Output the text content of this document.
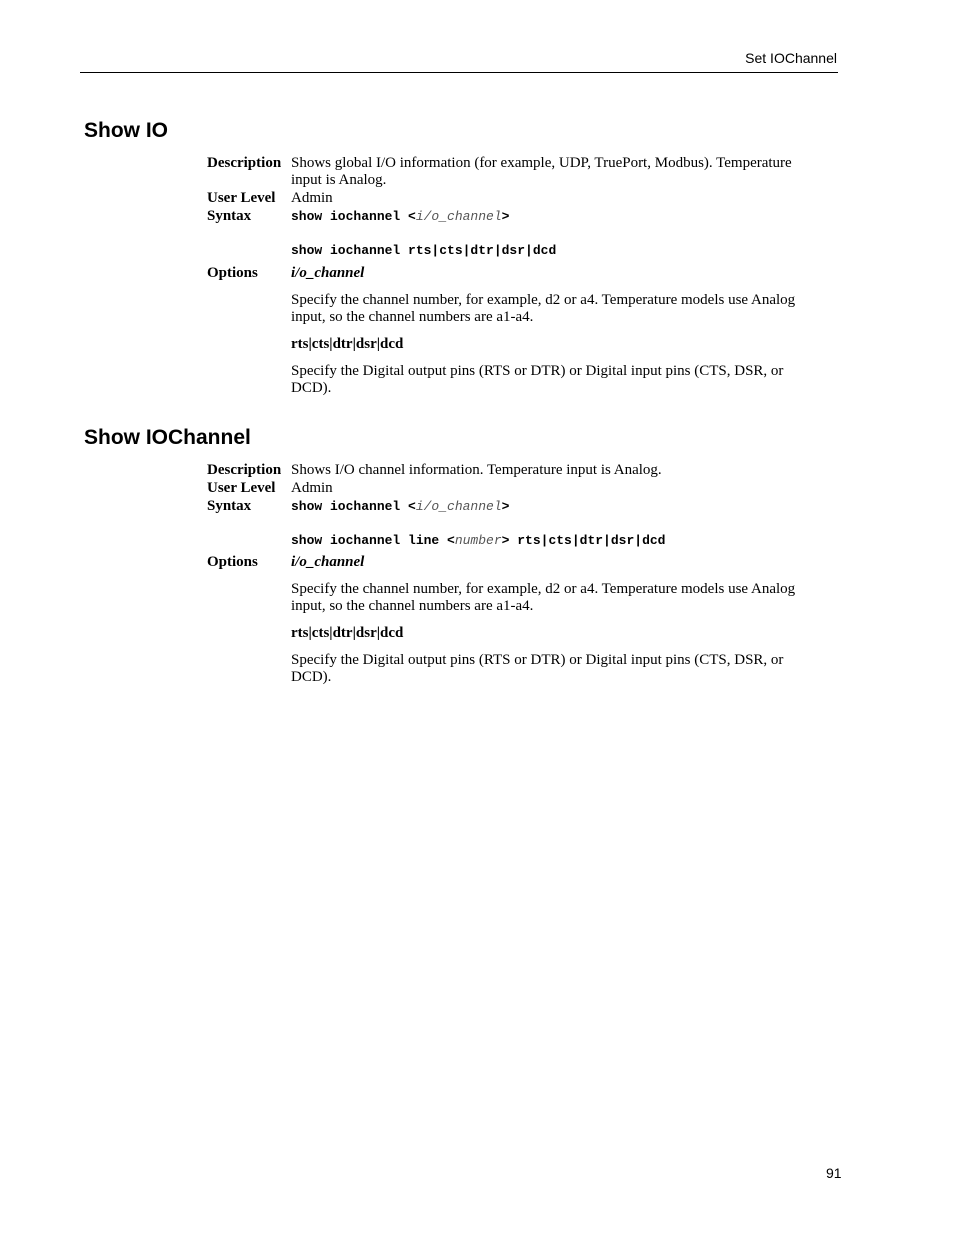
Set IOChannel
Show IO
Description Shows global I/O information (for example, UDP, TruePort, Modbus). Temperature input is Analog.
User Level Admin
Syntax	show iochannel <i/o_channel>
show iochannel rts|cts|dtr|dsr|dcd
Options i/o_channel
Specify the channel number, for example, d2 or a4. Temperature models use Analog input, so the channel numbers are a1-a4.
rts|cts|dtr|dsr|dcd
Specify the Digital output pins (RTS or DTR) or Digital input pins (CTS, DSR, or DCD).
Show IOChannel
Description Shows I/O channel information. Temperature input is Analog.
User Level Admin
Syntax	show iochannel <i/o_channel>
show iochannel line <number> rts|cts|dtr|dsr|dcd
Options i/o_channel
Specify the channel number, for example, d2 or a4. Temperature models use Analog input, so the channel numbers are a1-a4.
rts|cts|dtr|dsr|dcd
Specify the Digital output pins (RTS or DTR) or Digital input pins (CTS, DSR, or DCD).
91
